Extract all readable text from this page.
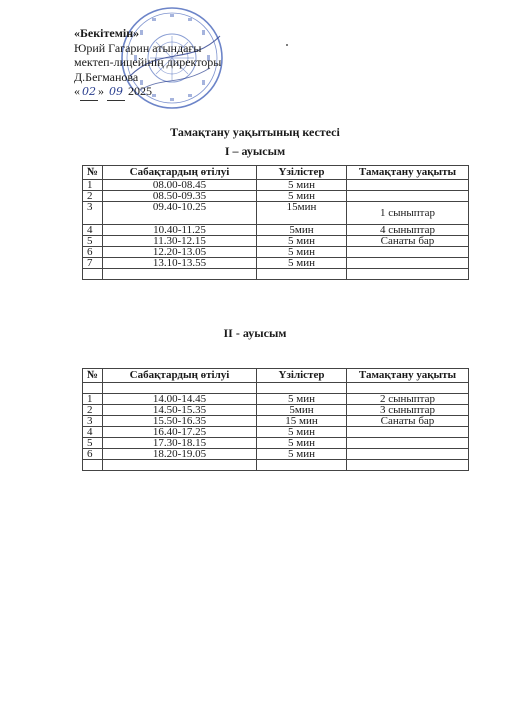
«Бекітемін»
Юрий Гагарин атындағы
мектеп-лицейінің директоры
Д.Бегманова
« 02 » 09 2025
Тамақтану уақытының кестесі
I – ауысым
№	Сабақтардың өтілуі	Үзілістер	Тамақтану уақыты
1	08.00-08.45	5 мин	
2	08.50-09.35	5 мин	
3	09.40-10.25	15мин	1 сыныптар
4	10.40-11.25	5мин	4 сыныптар
5	11.30-12.15	5 мин	Санаты бар
6	12.20-13.05	5 мин	
7	13.10-13.55	5 мин	

II - ауысым
№	Сабақтардың өтілуі	Үзілістер	Тамақтану уақыты

1	14.00-14.45	5 мин	2 сыныптар
2	14.50-15.35	5мин	3 сыныптар
3	15.50-16.35	15 мин	Санаты бар
4	16.40-17.25	5 мин	
5	17.30-18.15	5 мин	
6	18.20-19.05	5 мин	
